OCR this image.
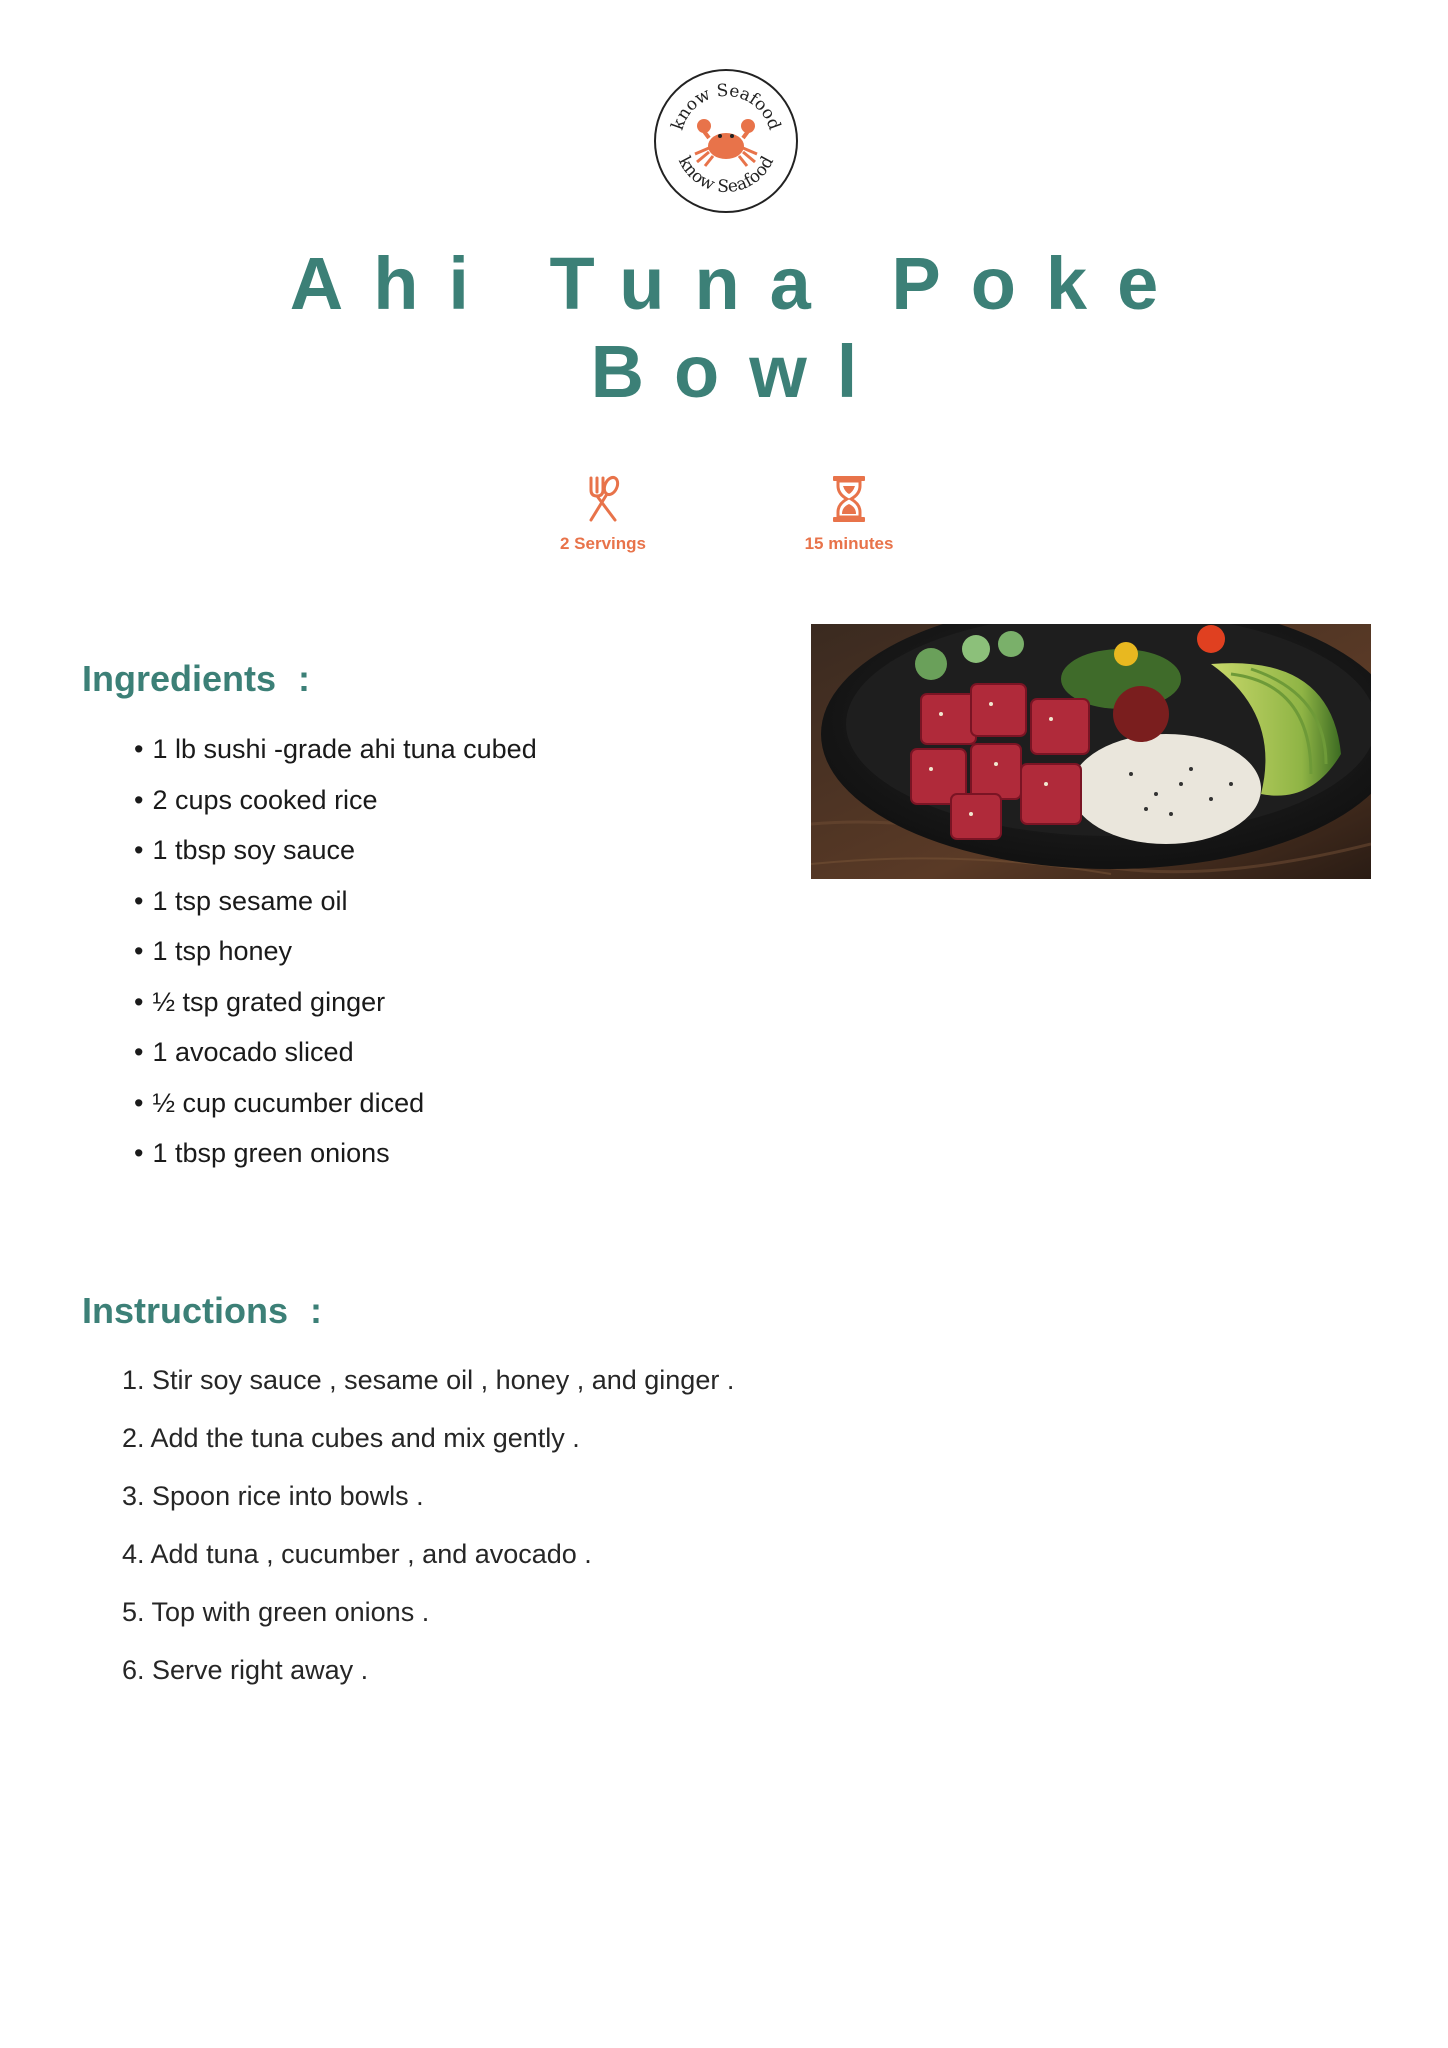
know Seafood
know Seafood
Ahi Tuna Poke
Bowl
2 Servings	15 minutes
Ingredients :
• 1 lb sushi -grade ahi tuna cubed
• 2 cups cooked rice
• 1 tbsp soy sauce
• 1 tsp sesame oil
• 1 tsp honey
• ½ tsp grated ginger
• 1 avocado sliced
• ½ cup cucumber diced
• 1 tbsp green onions
Instructions :
1. Stir soy sauce , sesame oil , honey , and ginger .
2. Add the tuna cubes and mix gently .
3. Spoon rice into bowls .
4. Add tuna , cucumber , and avocado .
5. Top with green onions .
6. Serve right away .
